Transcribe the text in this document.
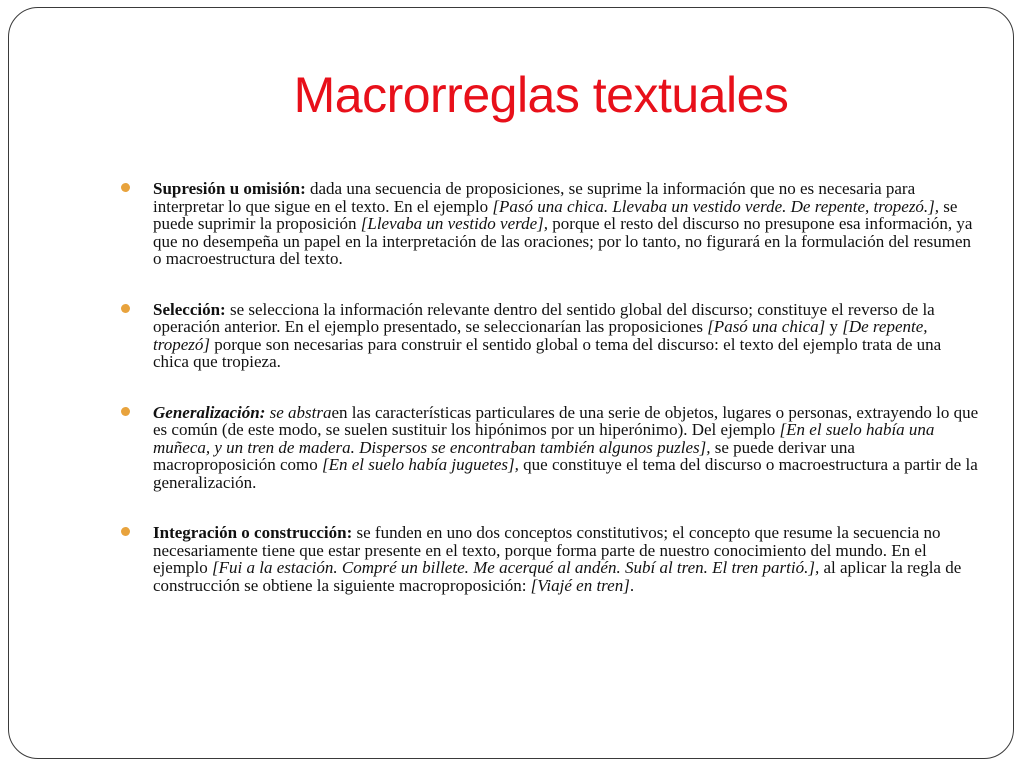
Macrorreglas textuales
Supresión u omisión: dada una secuencia de proposiciones, se suprime la información que no es necesaria para interpretar lo que sigue en el texto. En el ejemplo [Pasó una chica. Llevaba un vestido verde. De repente, tropezó.], se puede suprimir la proposición [Llevaba un vestido verde], porque el resto del discurso no presupone esa información, ya que no desempeña un papel en la interpretación de las oraciones; por lo tanto, no figurará en la formulación del resumen o macroestructura del texto.
Selección: se selecciona la información relevante dentro del sentido global del discurso; constituye el reverso de la operación anterior. En el ejemplo presentado, se seleccionarían las proposiciones [Pasó una chica] y [De repente, tropezó] porque son necesarias para construir el sentido global o tema del discurso: el texto del ejemplo trata de una chica que tropieza.
Generalización: se abstraen las características particulares de una serie de objetos, lugares o personas, extrayendo lo que es común (de este modo, se suelen sustituir los hipónimos por un hiperónimo). Del ejemplo [En el suelo había una muñeca, y un tren de madera. Dispersos se encontraban también algunos puzles], se puede derivar una macroproposición como [En el suelo había juguetes], que constituye el tema del discurso o macroestructura a partir de la generalización.
Integración o construcción: se funden en uno dos conceptos constitutivos; el concepto que resume la secuencia no necesariamente tiene que estar presente en el texto, porque forma parte de nuestro conocimiento del mundo. En el ejemplo [Fui a la estación. Compré un billete. Me acerqué al andén. Subí al tren. El tren partió.], al aplicar la regla de construcción se obtiene la siguiente macroproposición: [Viajé en tren].
